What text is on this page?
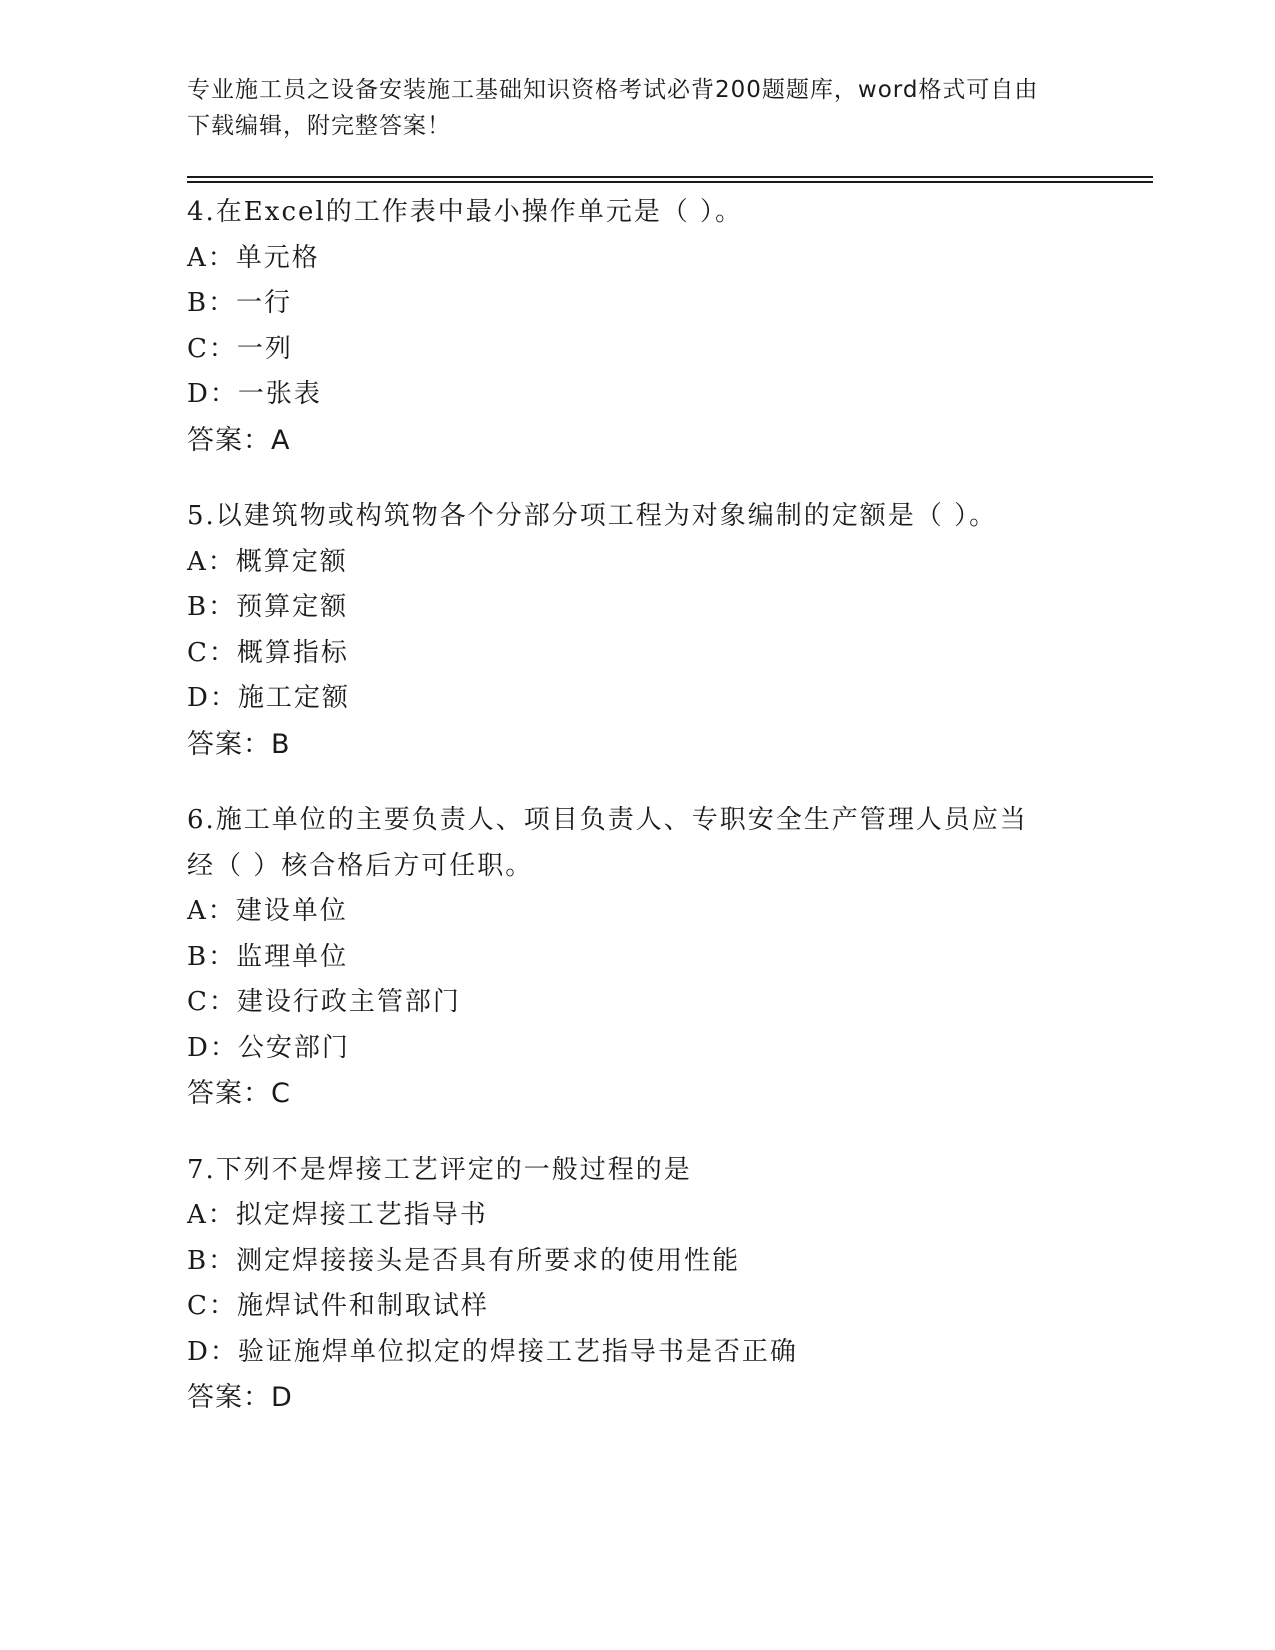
专业施工员之设备安装施工基础知识资格考试必背200题题库，word格式可自由
下载编辑，附完整答案！
4.在Excel的工作表中最小操作单元是（ ）。
A：单元格
B：一行
C：一列
D：一张表
答案：A
5.以建筑物或构筑物各个分部分项工程为对象编制的定额是（ ）。
A：概算定额
B：预算定额
C：概算指标
D：施工定额
答案：B
6.施工单位的主要负责人、项目负责人、专职安全生产管理人员应当
经（ ）核合格后方可任职。
A：建设单位
B：监理单位
C：建设行政主管部门
D：公安部门
答案：C
7.下列不是焊接工艺评定的一般过程的是
A：拟定焊接工艺指导书
B：测定焊接接头是否具有所要求的使用性能
C：施焊试件和制取试样
D：验证施焊单位拟定的焊接工艺指导书是否正确
答案：D
